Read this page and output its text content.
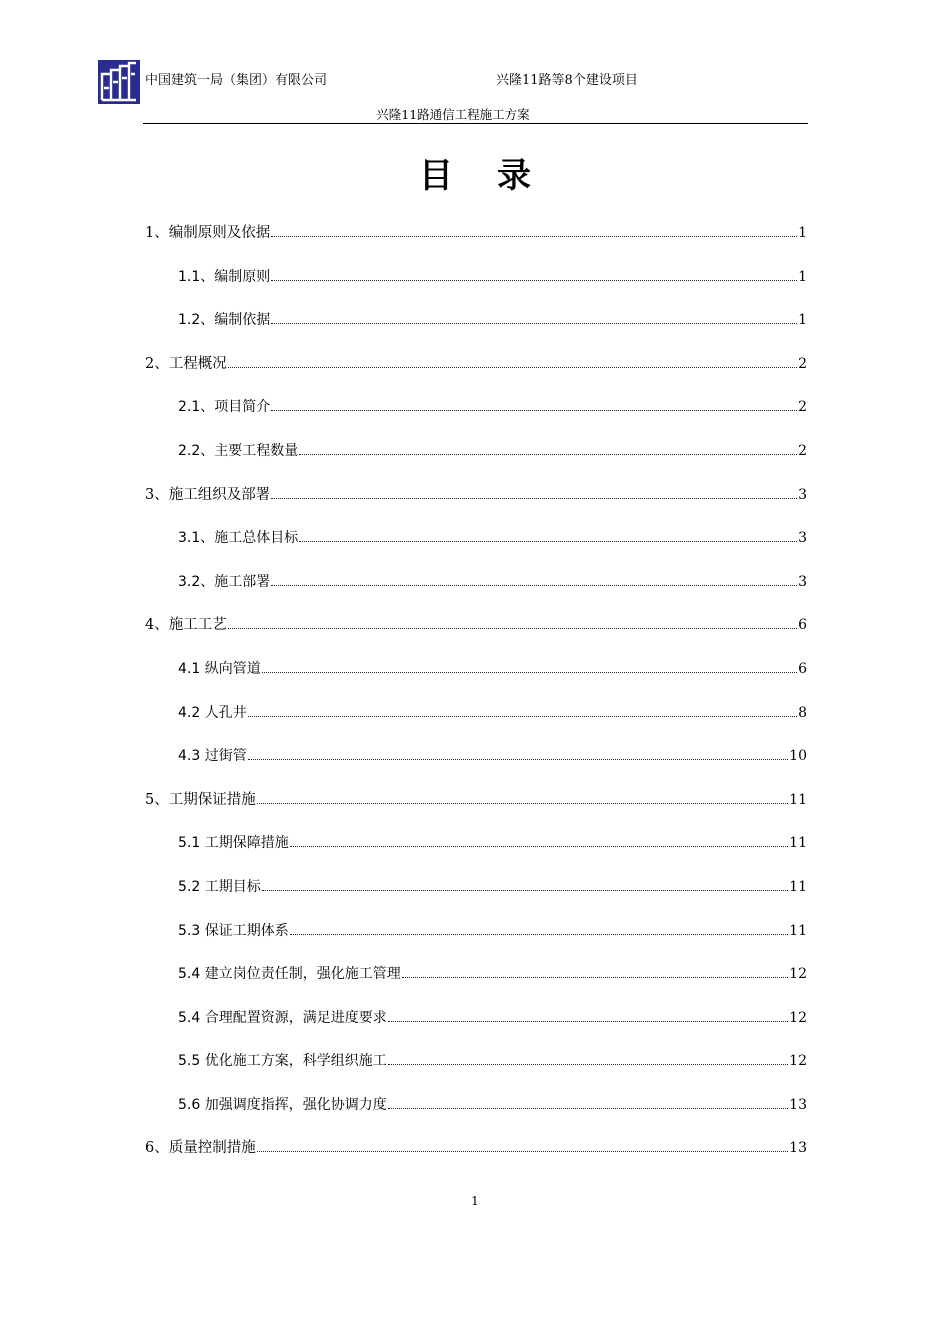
中国建筑一局（集团）有限公司	兴隆11路等8个建设项目
兴隆11路通信工程施工方案
目录
1、编制原则及依据	1
1.1、编制原则	1
1.2、编制依据	1
2、工程概况	2
2.1、项目简介	2
2.2、主要工程数量	2
3、施工组织及部署	3
3.1、施工总体目标	3
3.2、施工部署	3
4、施工工艺	6
4.1 纵向管道	6
4.2 人孔井	8
4.3 过街管	10
5、工期保证措施	11
5.1 工期保障措施	11
5.2 工期目标	11
5.3 保证工期体系	11
5.4 建立岗位责任制，强化施工管理	12
5.4 合理配置资源，满足进度要求	12
5.5 优化施工方案，科学组织施工	12
5.6 加强调度指挥，强化协调力度	13
6、质量控制措施	13
1
